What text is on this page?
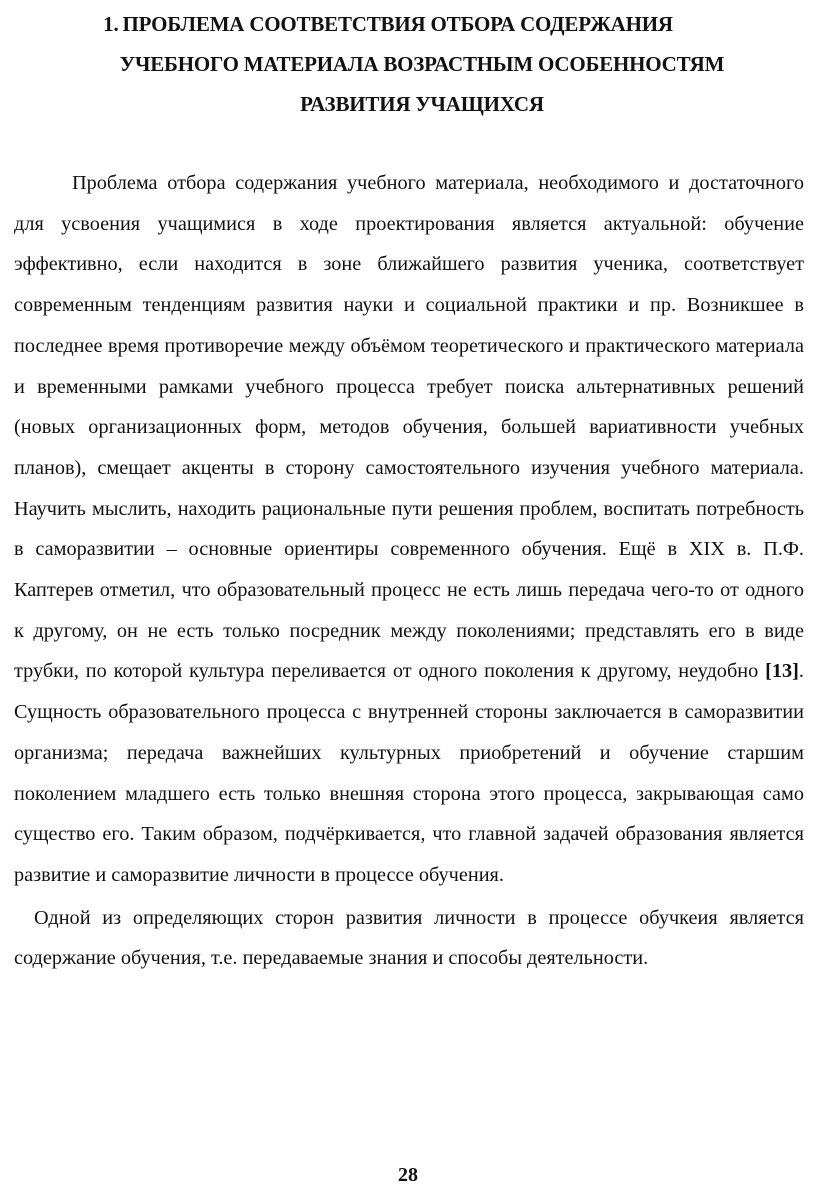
1. ПРОБЛЕМА СООТВЕТСТВИЯ ОТБОРА СОДЕРЖАНИЯ
УЧЕБНОГО МАТЕРИАЛА ВОЗРАСТНЫМ ОСОБЕННОСТЯМ
РАЗВИТИЯ УЧАЩИХСЯ

Проблема отбора содержания учебного материала, необходимого и достаточного для усвоения учащимися в ходе проектирования является актуальной: обучение эффективно, если находится в зоне ближайшего развития ученика, соответствует современным тенденциям развития науки и социальной практики и пр. Возникшее в последнее время противоречие между объёмом теоретического и практического материала и временными рамками учебного процесса требует поиска альтернативных решений (новых организационных форм, методов обучения, большей вариативности учебных планов), смещает акценты в сторону самостоятельного изучения учебного материала. Научить мыслить, находить рациональные пути решения проблем, воспитать потребность в саморазвитии – основные ориентиры современного обучения. Ещё в XIX в. П.Ф. Каптерев отметил, что образовательный процесс не есть лишь передача чего-то от одного к другому, он не есть только посредник между поколениями; представлять его в виде трубки, по которой культура переливается от одного поколения к другому, неудобно [13]. Сущность образовательного процесса с внутренней стороны заключается в саморазвитии организма; передача важнейших культурных приобретений и обучение старшим поколением младшего есть только внешняя сторона этого процесса, закрывающая само существо его. Таким образом, подчёркивается, что главной задачей образования является развитие и саморазвитие личности в процессе обучения.

Одной из определяющих сторон развития личности в процессе обучкеия является содержание обучения, т.е. передаваемые знания и способы деятельности.

28
